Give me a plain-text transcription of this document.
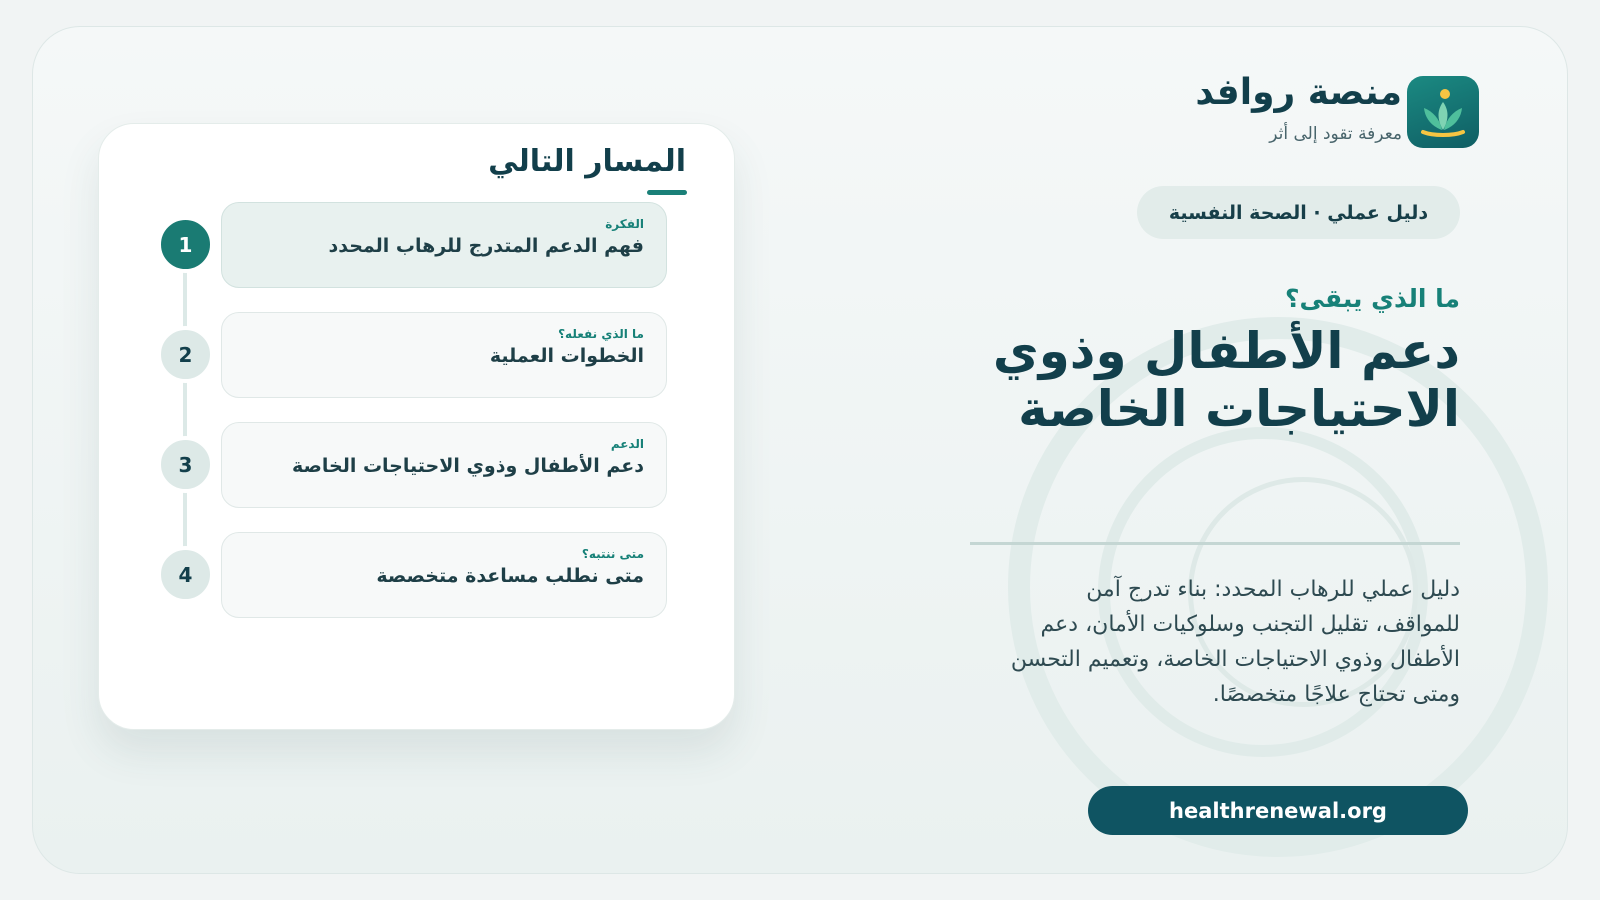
منصة روافد
معرفة تقود إلى أثر
دليل عملي · الصحة النفسية
ما الذي يبقى؟
دعم الأطفال وذوي الاحتياجات الخاصة
دليل عملي للرهاب المحدد: بناء تدرج آمن للمواقف، تقليل التجنب وسلوكيات الأمان، دعم الأطفال وذوي الاحتياجات الخاصة، وتعميم التحسن ومتى تحتاج علاجًا متخصصًا.
healthrenewal.org
المسار التالي
1
الفكرة
فهم الدعم المتدرج للرهاب المحدد
2
ما الذي نفعله؟
الخطوات العملية
3
الدعم
دعم الأطفال وذوي الاحتياجات الخاصة
4
متى ننتبه؟
متى نطلب مساعدة متخصصة
